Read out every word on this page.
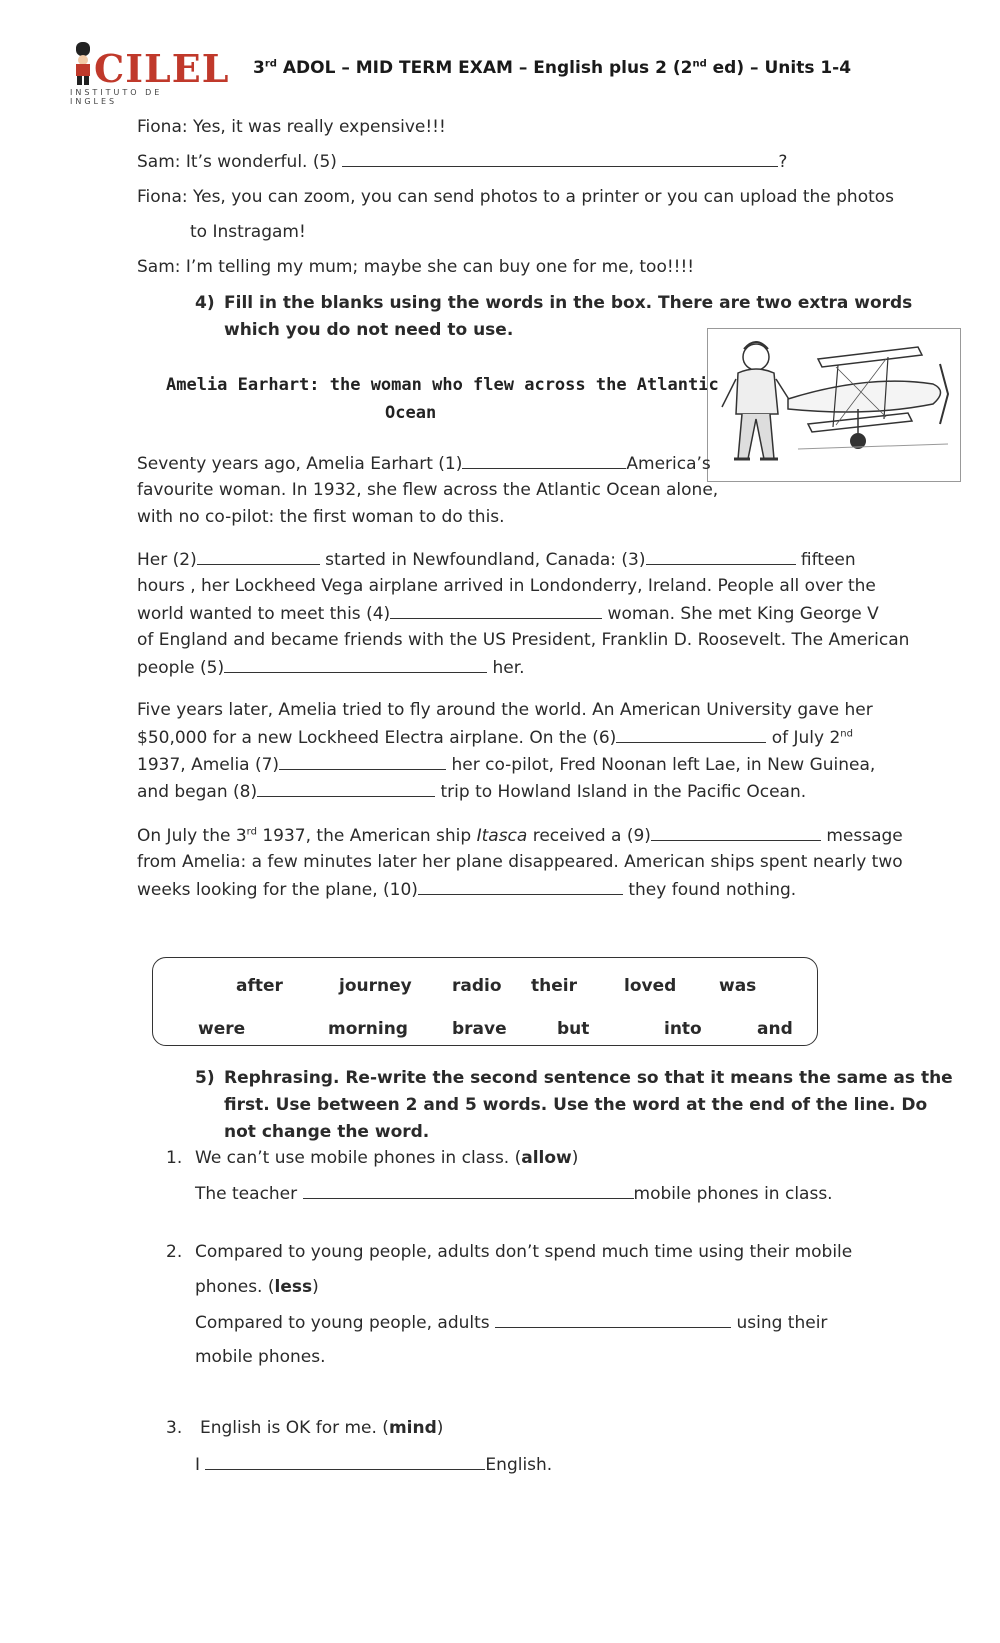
CILEL
INSTITUTO DE INGLES
3rd ADOL – MID TERM EXAM – English plus 2 (2nd ed) – Units 1-4
Fiona: Yes, it was really expensive!!!
Sam: It’s wonderful. (5)	?
Fiona: Yes, you can zoom, you can send photos to a printer or you can upload the photos
to Instragam!
Sam: I’m telling my mum; maybe she can buy one for me, too!!!!
4) Fill in the blanks using the words in the box. There are two extra words
which you do not need to use.
Amelia Earhart: the woman who flew across the Atlantic
Ocean
Seventy years ago, Amelia Earhart (1)	America’s
favourite woman. In 1932, she flew across the Atlantic Ocean alone,
with no co-pilot: the first woman to do this.
Her (2)	started in Newfoundland, Canada: (3)	fifteen
hours , her Lockheed Vega airplane arrived in Londonderry, Ireland. People all over the
world wanted to meet this (4)	woman. She met King George V
of England and became friends with the US President, Franklin D. Roosevelt. The American
people (5)	her.
Five years later, Amelia tried to fly around the world. An American University gave her
$50,000 for a new Lockheed Electra airplane. On the (6)	of July 2nd
1937, Amelia (7)	her co-pilot, Fred Noonan left Lae, in New Guinea,
and began (8)	trip to Howland Island in the Pacific Ocean.
On July the 3rd 1937, the American ship Itasca received a (9)	message
from Amelia: a few minutes later her plane disappeared. American ships spent nearly two
weeks looking for the plane, (10)	they found nothing.
after	journey radio their	loved	was
were	morning	brave	but	into	and
5) Rephrasing. Re-write the second sentence so that it means the same as the
first. Use between 2 and 5 words. Use the word at the end of the line. Do
not change the word.
1. We can’t use mobile phones in class. (allow)
The teacher	mobile phones in class.
2. Compared to young people, adults don’t spend much time using their mobile
phones. (less)
Compared to young people, adults	using their
mobile phones.
3. English is OK for me. (mind)
I	English.
